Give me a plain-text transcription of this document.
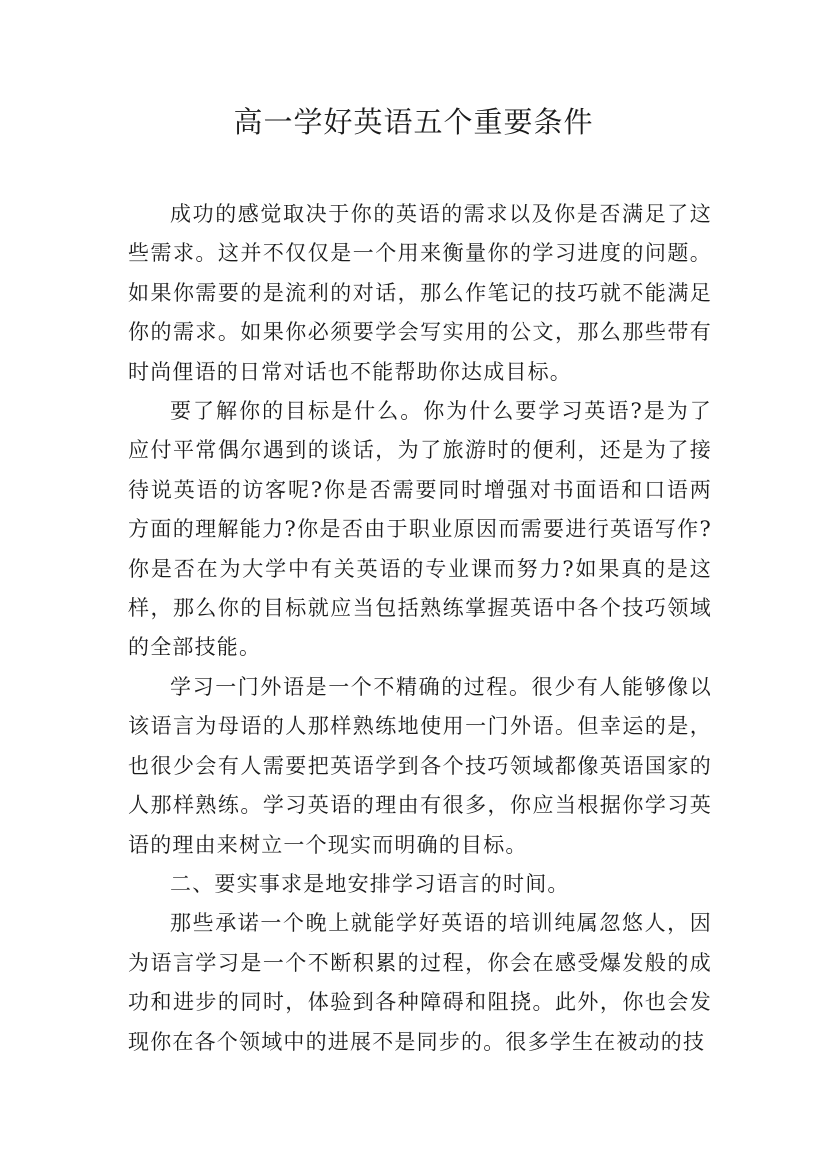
高一学好英语五个重要条件

成功的感觉取决于你的英语的需求以及你是否满足了这些需求。这并不仅仅是一个用来衡量你的学习进度的问题。如果你需要的是流利的对话，那么作笔记的技巧就不能满足你的需求。如果你必须要学会写实用的公文，那么那些带有时尚俚语的日常对话也不能帮助你达成目标。

要了解你的目标是什么。你为什么要学习英语?是为了应付平常偶尔遇到的谈话，为了旅游时的便利，还是为了接待说英语的访客呢?你是否需要同时增强对书面语和口语两方面的理解能力?你是否由于职业原因而需要进行英语写作?你是否在为大学中有关英语的专业课而努力?如果真的是这样，那么你的目标就应当包括熟练掌握英语中各个技巧领域的全部技能。

学习一门外语是一个不精确的过程。很少有人能够像以该语言为母语的人那样熟练地使用一门外语。但幸运的是，也很少会有人需要把英语学到各个技巧领域都像英语国家的人那样熟练。学习英语的理由有很多，你应当根据你学习英语的理由来树立一个现实而明确的目标。

二、要实事求是地安排学习语言的时间。

那些承诺一个晚上就能学好英语的培训纯属忽悠人，因为语言学习是一个不断积累的过程，你会在感受爆发般的成功和进步的同时，体验到各种障碍和阻挠。此外，你也会发现你在各个领域中的进展不是同步的。很多学生在被动的技
